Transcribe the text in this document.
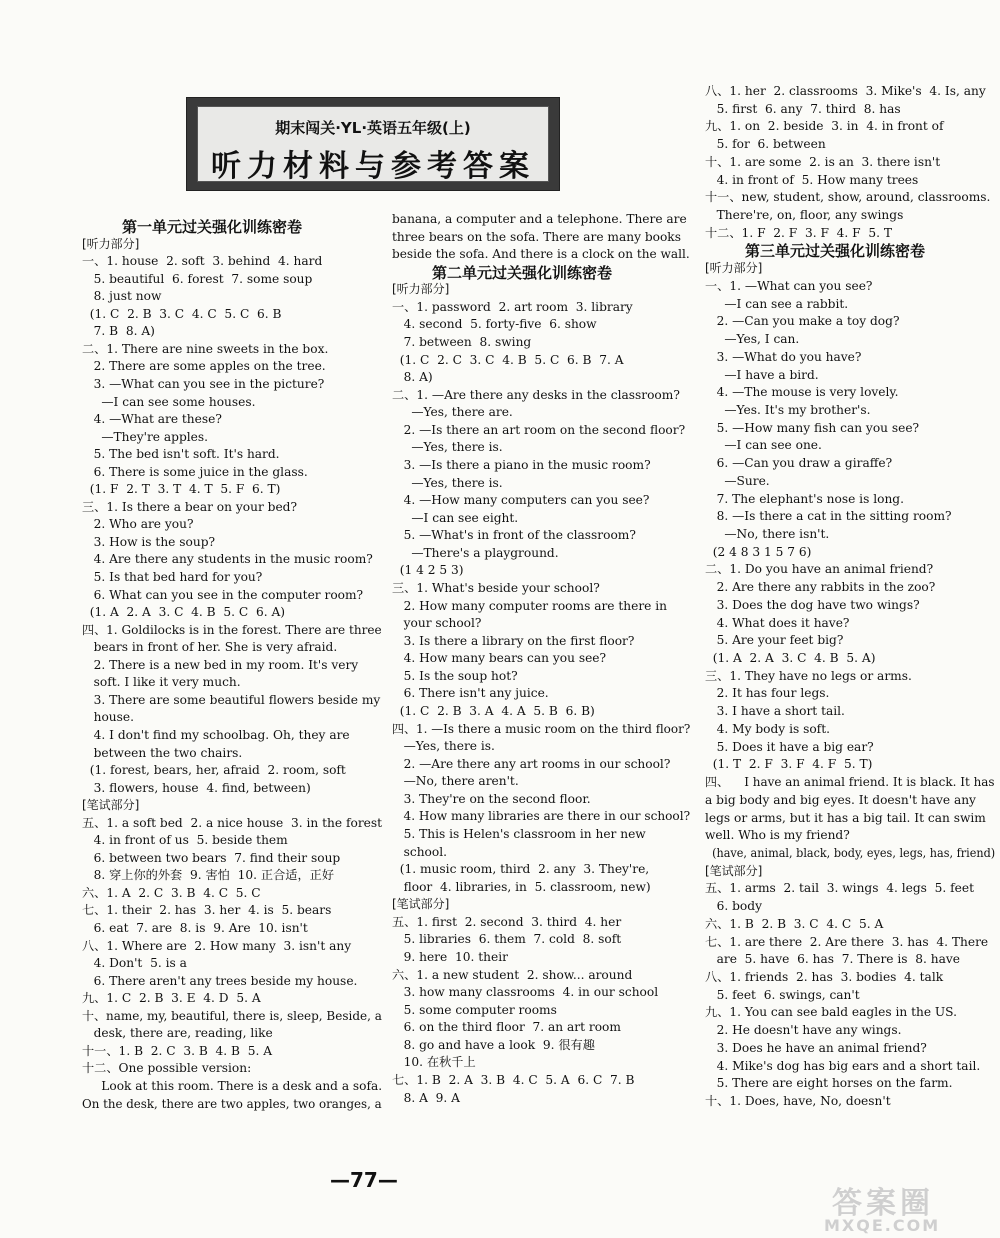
期末闯关·YL·英语五年级(上)
听力材料与参考答案
第一单元过关强化训练密卷
[听力部分]
一、1. house  2. soft  3. behind  4. hard
5. beautiful  6. forest  7. some soup
8. just now
(1. C  2. B  3. C  4. C  5. C  6. B
7. B  8. A)
二、1. There are nine sweets in the box.
2. There are some apples on the tree.
3. —What can you see in the picture?
—I can see some houses.
4. —What are these?
—They're apples.
5. The bed isn't soft. It's hard.
6. There is some juice in the glass.
(1. F  2. T  3. T  4. T  5. F  6. T)
三、1. Is there a bear on your bed?
2. Who are you?
3. How is the soup?
4. Are there any students in the music room?
5. Is that bed hard for you?
6. What can you see in the computer room?
(1. A  2. A  3. C  4. B  5. C  6. A)
四、1. Goldilocks is in the forest. There are three
bears in front of her. She is very afraid.
2. There is a new bed in my room. It's very
soft. I like it very much.
3. There are some beautiful flowers beside my
house.
4. I don't find my schoolbag. Oh, they are
between the two chairs.
(1. forest, bears, her, afraid  2. room, soft
3. flowers, house  4. find, between)
[笔试部分]
五、1. a soft bed  2. a nice house  3. in the forest
4. in front of us  5. beside them
6. between two bears  7. find their soup
8. 穿上你的外套  9. 害怕  10. 正合适，正好
六、1. A  2. C  3. B  4. C  5. C
七、1. their  2. has  3. her  4. is  5. bears
6. eat  7. are  8. is  9. Are  10. isn't
八、1. Where are  2. How many  3. isn't any
4. Don't  5. is a
6. There aren't any trees beside my house.
九、1. C  2. B  3. E  4. D  5. A
十、name, my, beautiful, there is, sleep, Beside, a
desk, there are, reading, like
十一、1. B  2. C  3. B  4. B  5. A
十二、One possible version:
Look at this room. There is a desk and a sofa.
On the desk, there are two apples, two oranges, a
banana, a computer and a telephone. There are
three bears on the sofa. There are many books
beside the sofa. And there is a clock on the wall.
第二单元过关强化训练密卷
[听力部分]
一、1. password  2. art room  3. library
4. second  5. forty-five  6. show
7. between  8. swing
(1. C  2. C  3. C  4. B  5. C  6. B  7. A
8. A)
二、1. —Are there any desks in the classroom?
—Yes, there are.
2. —Is there an art room on the second floor?
—Yes, there is.
3. —Is there a piano in the music room?
—Yes, there is.
4. —How many computers can you see?
—I can see eight.
5. —What's in front of the classroom?
—There's a playground.
(1 4 2 5 3)
三、1. What's beside your school?
2. How many computer rooms are there in
your school?
3. Is there a library on the first floor?
4. How many bears can you see?
5. Is the soup hot?
6. There isn't any juice.
(1. C  2. B  3. A  4. A  5. B  6. B)
四、1. —Is there a music room on the third floor?
—Yes, there is.
2. —Are there any art rooms in our school?
—No, there aren't.
3. They're on the second floor.
4. How many libraries are there in our school?
5. This is Helen's classroom in her new
school.
(1. music room, third  2. any  3. They're,
floor  4. libraries, in  5. classroom, new)
[笔试部分]
五、1. first  2. second  3. third  4. her
5. libraries  6. them  7. cold  8. soft
9. here  10. their
六、1. a new student  2. show... around
3. how many classrooms  4. in our school
5. some computer rooms
6. on the third floor  7. an art room
8. go and have a look  9. 很有趣
10. 在秋千上
七、1. B  2. A  3. B  4. C  5. A  6. C  7. B
8. A  9. A
八、1. her  2. classrooms  3. Mike's  4. Is, any
5. first  6. any  7. third  8. has
九、1. on  2. beside  3. in  4. in front of
5. for  6. between
十、1. are some  2. is an  3. there isn't
4. in front of  5. How many trees
十一、new, student, show, around, classrooms.
There're, on, floor, any swings
十二、1. F  2. F  3. F  4. F  5. T
第三单元过关强化训练密卷
[听力部分]
一、1. —What can you see?
—I can see a rabbit.
2. —Can you make a toy dog?
—Yes, I can.
3. —What do you have?
—I have a bird.
4. —The mouse is very lovely.
—Yes. It's my brother's.
5. —How many fish can you see?
—I can see one.
6. —Can you draw a giraffe?
—Sure.
7. The elephant's nose is long.
8. —Is there a cat in the sitting room?
—No, there isn't.
(2 4 8 3 1 5 7 6)
二、1. Do you have an animal friend?
2. Are there any rabbits in the zoo?
3. Does the dog have two wings?
4. What does it have?
5. Are your feet big?
(1. A  2. A  3. C  4. B  5. A)
三、1. They have no legs or arms.
2. It has four legs.
3. I have a short tail.
4. My body is soft.
5. Does it have a big ear?
(1. T  2. F  3. F  4. F  5. T)
四、    I have an animal friend. It is black. It has
a big body and big eyes. It doesn't have any
legs or arms, but it has a big tail. It can swim
well. Who is my friend?
(have, animal, black, body, eyes, legs, has, friend)
[笔试部分]
五、1. arms  2. tail  3. wings  4. legs  5. feet
6. body
六、1. B  2. B  3. C  4. C  5. A
七、1. are there  2. Are there  3. has  4. There
are  5. have  6. has  7. There is  8. have
八、1. friends  2. has  3. bodies  4. talk
5. feet  6. swings, can't
九、1. You can see bald eagles in the US.
2. He doesn't have any wings.
3. Does he have an animal friend?
4. Mike's dog has big ears and a short tail.
5. There are eight horses on the farm.
十、1. Does, have, No, doesn't
—77—
答案圈
MXQE.COM
